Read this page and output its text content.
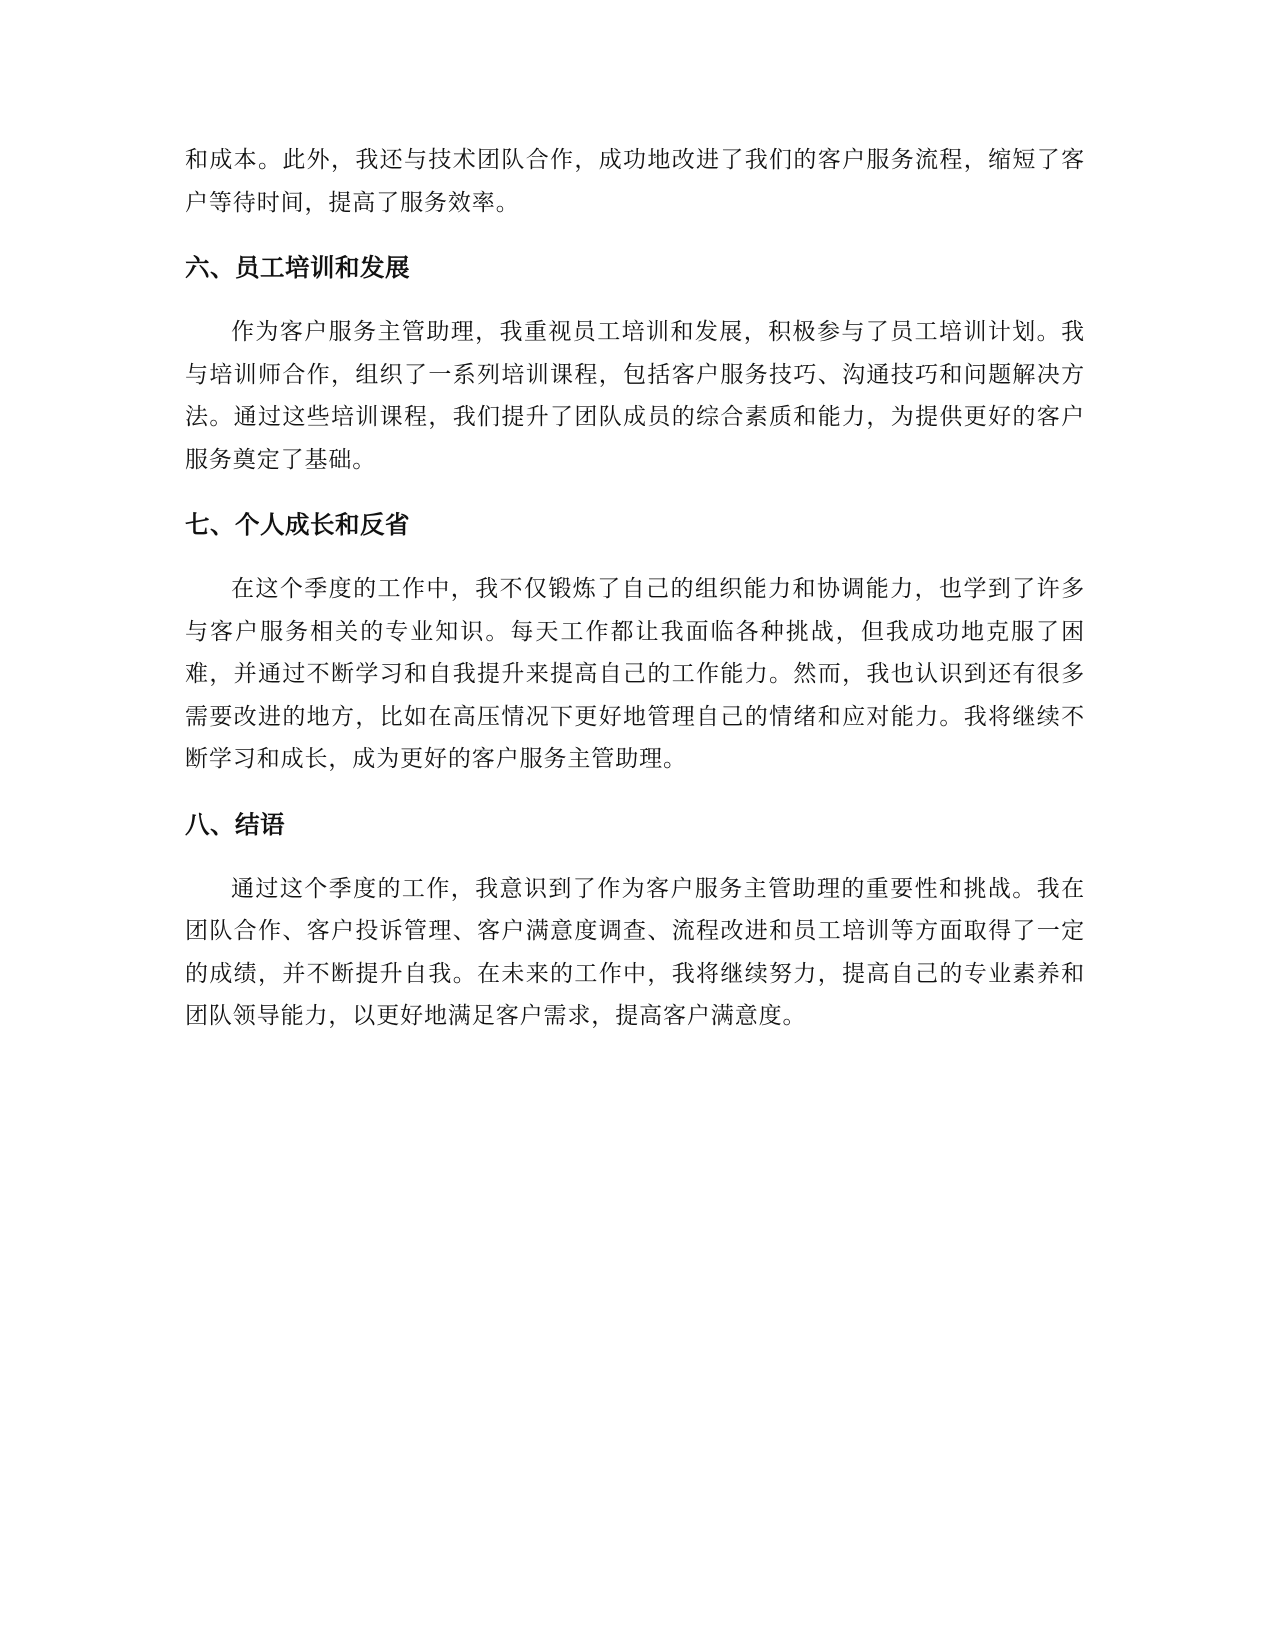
和成本。此外，我还与技术团队合作，成功地改进了我们的客户服务流程，缩短了客户等待时间，提高了服务效率。

六、员工培训和发展

作为客户服务主管助理，我重视员工培训和发展，积极参与了员工培训计划。我与培训师合作，组织了一系列培训课程，包括客户服务技巧、沟通技巧和问题解决方法。通过这些培训课程，我们提升了团队成员的综合素质和能力，为提供更好的客户服务奠定了基础。

七、个人成长和反省

在这个季度的工作中，我不仅锻炼了自己的组织能力和协调能力，也学到了许多与客户服务相关的专业知识。每天工作都让我面临各种挑战，但我成功地克服了困难，并通过不断学习和自我提升来提高自己的工作能力。然而，我也认识到还有很多需要改进的地方，比如在高压情况下更好地管理自己的情绪和应对能力。我将继续不断学习和成长，成为更好的客户服务主管助理。

八、结语

通过这个季度的工作，我意识到了作为客户服务主管助理的重要性和挑战。我在团队合作、客户投诉管理、客户满意度调查、流程改进和员工培训等方面取得了一定的成绩，并不断提升自我。在未来的工作中，我将继续努力，提高自己的专业素养和团队领导能力，以更好地满足客户需求，提高客户满意度。
